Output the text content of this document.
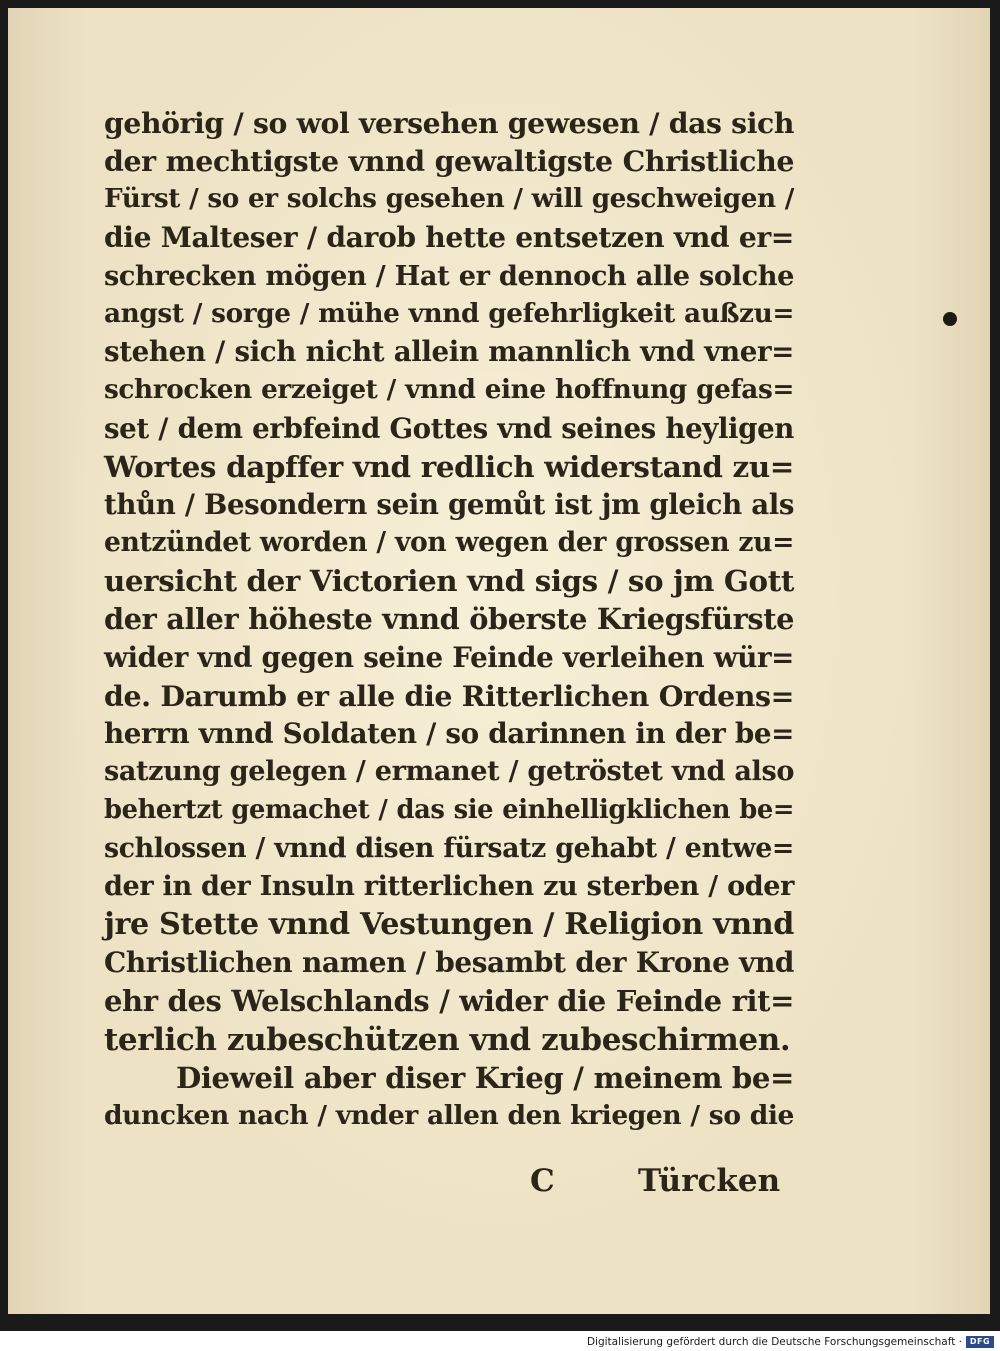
gehörig / so wol versehen gewesen / das sich
der mechtigste vnnd gewaltigste Christliche
Fürst / so er solchs gesehen / will geschweigen /
die Malteser / darob hette entsetzen vnd er=
schrecken mögen / Hat er dennoch alle solche
angst / sorge / mühe vnnd gefehrligkeit außzu=
stehen / sich nicht allein mannlich vnd vner=
schrocken erzeiget / vnnd eine hoffnung gefas=
set / dem erbfeind Gottes vnd seines heyligen
Wortes dapffer vnd redlich widerstand zu=
thůn / Besondern sein gemůt ist jm gleich als
entzündet worden / von wegen der grossen zu=
uersicht der Victorien vnd sigs / so jm Gott
der aller höheste vnnd öberste Kriegsfürste
wider vnd gegen seine Feinde verleihen wür=
de. Darumb er alle die Ritterlichen Ordens=
herrn vnnd Soldaten / so darinnen in der be=
satzung gelegen / ermanet / getröstet vnd also
behertzt gemachet / das sie einhelligklichen be=
schlossen / vnnd disen fürsatz gehabt / entwe=
der in der Insuln ritterlichen zu sterben / oder
jre Stette vnnd Vestungen / Religion vnnd
Christlichen namen / besambt der Krone vnd
ehr des Welschlands / wider die Feinde rit=
terlich zubeschützen vnd zubeschirmen.
Dieweil aber diser Krieg / meinem be=
duncken nach / vnder allen den kriegen / so die
C	Türcken
Digitalisierung gefördert durch die Deutsche Forschungsgemeinschaft · DFG
